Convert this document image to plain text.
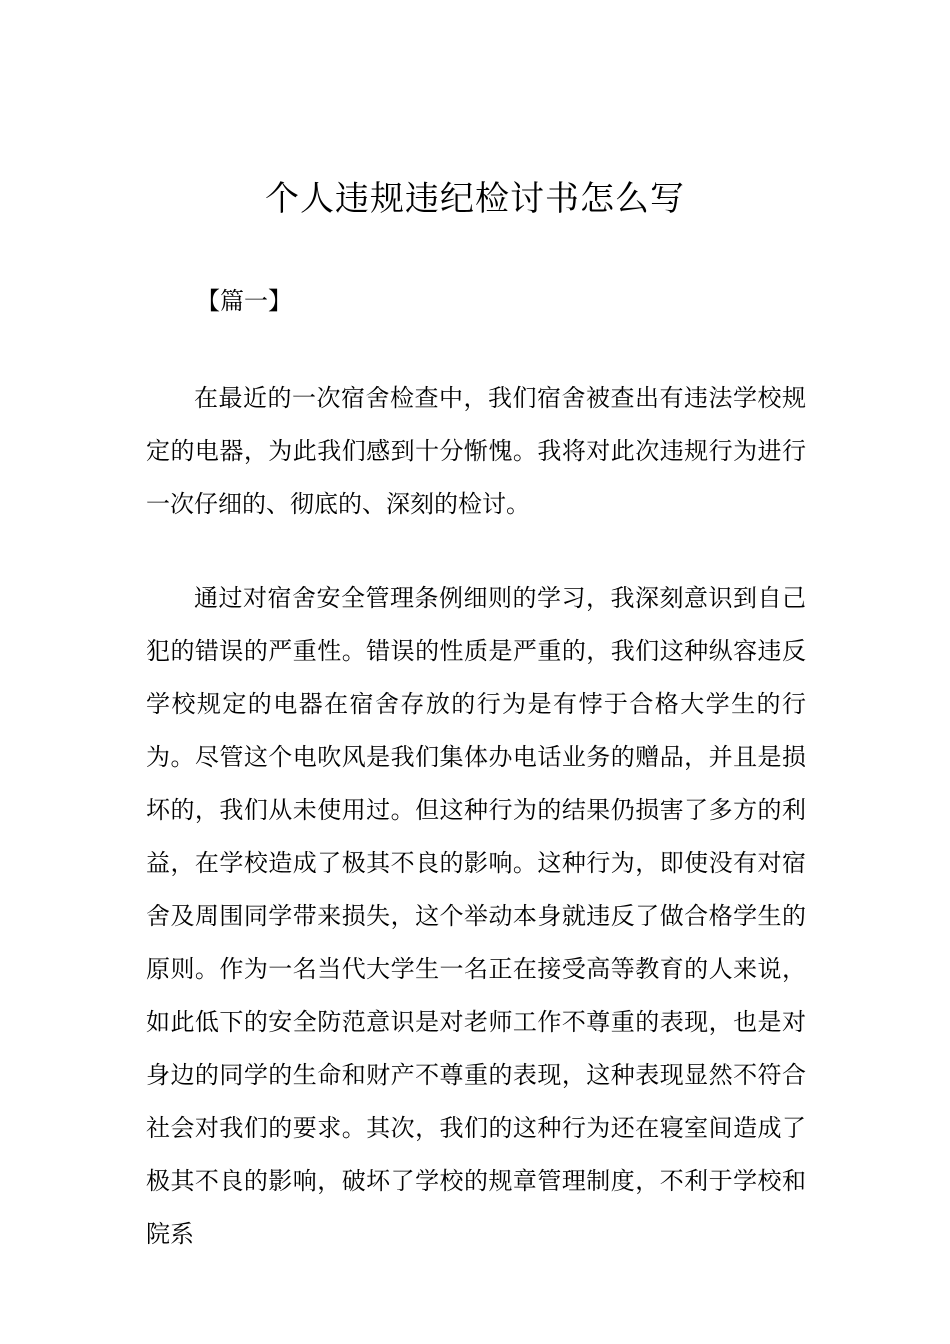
个人违规违纪检讨书怎么写
【篇一】

在最近的一次宿舍检查中，我们宿舍被查出有违法学校规定的电器，为此我们感到十分惭愧。我将对此次违规行为进行一次仔细的、彻底的、深刻的检讨。

通过对宿舍安全管理条例细则的学习，我深刻意识到自己犯的错误的严重性。错误的性质是严重的，我们这种纵容违反学校规定的电器在宿舍存放的行为是有悖于合格大学生的行为。尽管这个电吹风是我们集体办电话业务的赠品，并且是损坏的，我们从未使用过。但这种行为的结果仍损害了多方的利益，在学校造成了极其不良的影响。这种行为，即使没有对宿舍及周围同学带来损失，这个举动本身就违反了做合格学生的原则。作为一名当代大学生一名正在接受高等教育的人来说，如此低下的安全防范意识是对老师工作不尊重的表现，也是对身边的同学的生命和财产不尊重的表现，这种表现显然不符合社会对我们的要求。其次，我们的这种行为还在寝室间造成了极其不良的影响，破坏了学校的规章管理制度，不利于学校和院系
